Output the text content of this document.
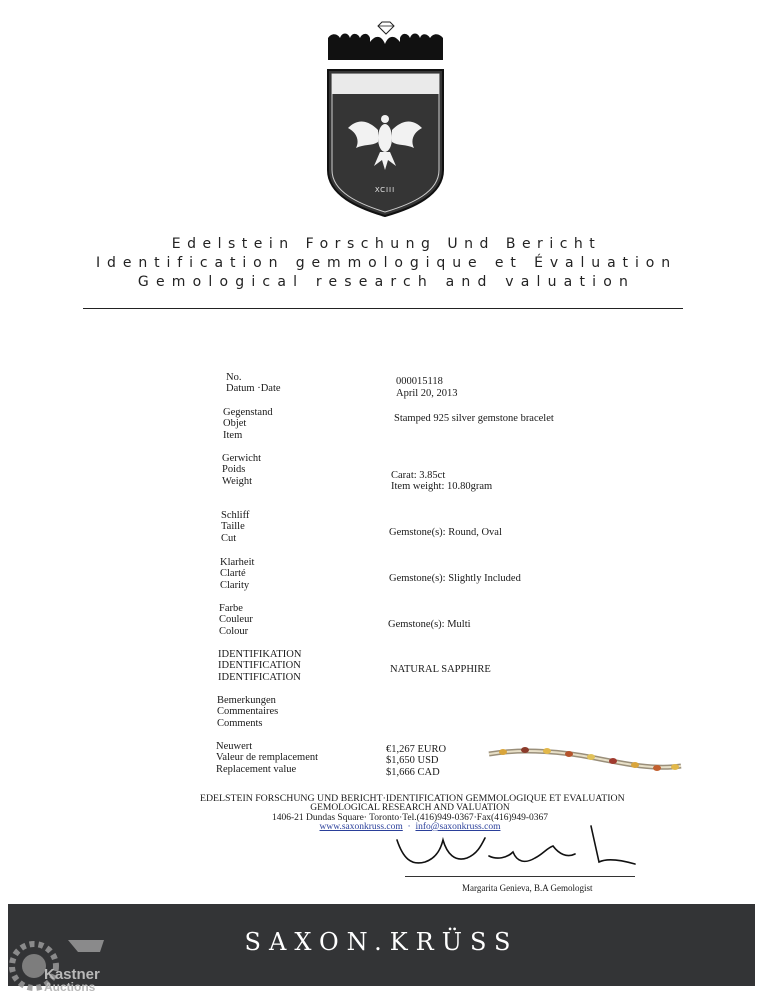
XCIII
Edelstein Forschung Und Bericht
Identification gemmologique et Évaluation
Gemological research and valuation
No.
Datum ·Date
Gegenstand
Objet
Item
Gerwicht
Poids
Weight
Schliff
Taille
Cut
Klarheit
Clarté
Clarity
Farbe
Couleur
Colour
IDENTIFIKATION
IDENTIFICATION
IDENTIFICATION
Bemerkungen
Commentaires
Comments
Neuwert
Valeur de remplacement
Replacement value
000015118
April 20, 2013
Stamped 925 silver gemstone bracelet
Carat: 3.85ct
Item weight: 10.80gram
Gemstone(s): Round, Oval
Gemstone(s): Slightly Included
Gemstone(s): Multi
NATURAL SAPPHIRE
€1,267 EURO
$1,650 USD
$1,666 CAD
EDELSTEIN FORSCHUNG UND BERICHT·IDENTIFICATION GEMMOLOGIQUE ET EVALUATION
GEMOLOGICAL RESEARCH AND VALUATION
1406-21 Dundas Square· Toronto·Tel.(416)949-0367·Fax(416)949-0367
www.saxonkruss.com  ·  info@saxonkruss.com
Margarita Genieva, B.A Gemologist
SAXON.KRÜSS
Kastner
Auctions
